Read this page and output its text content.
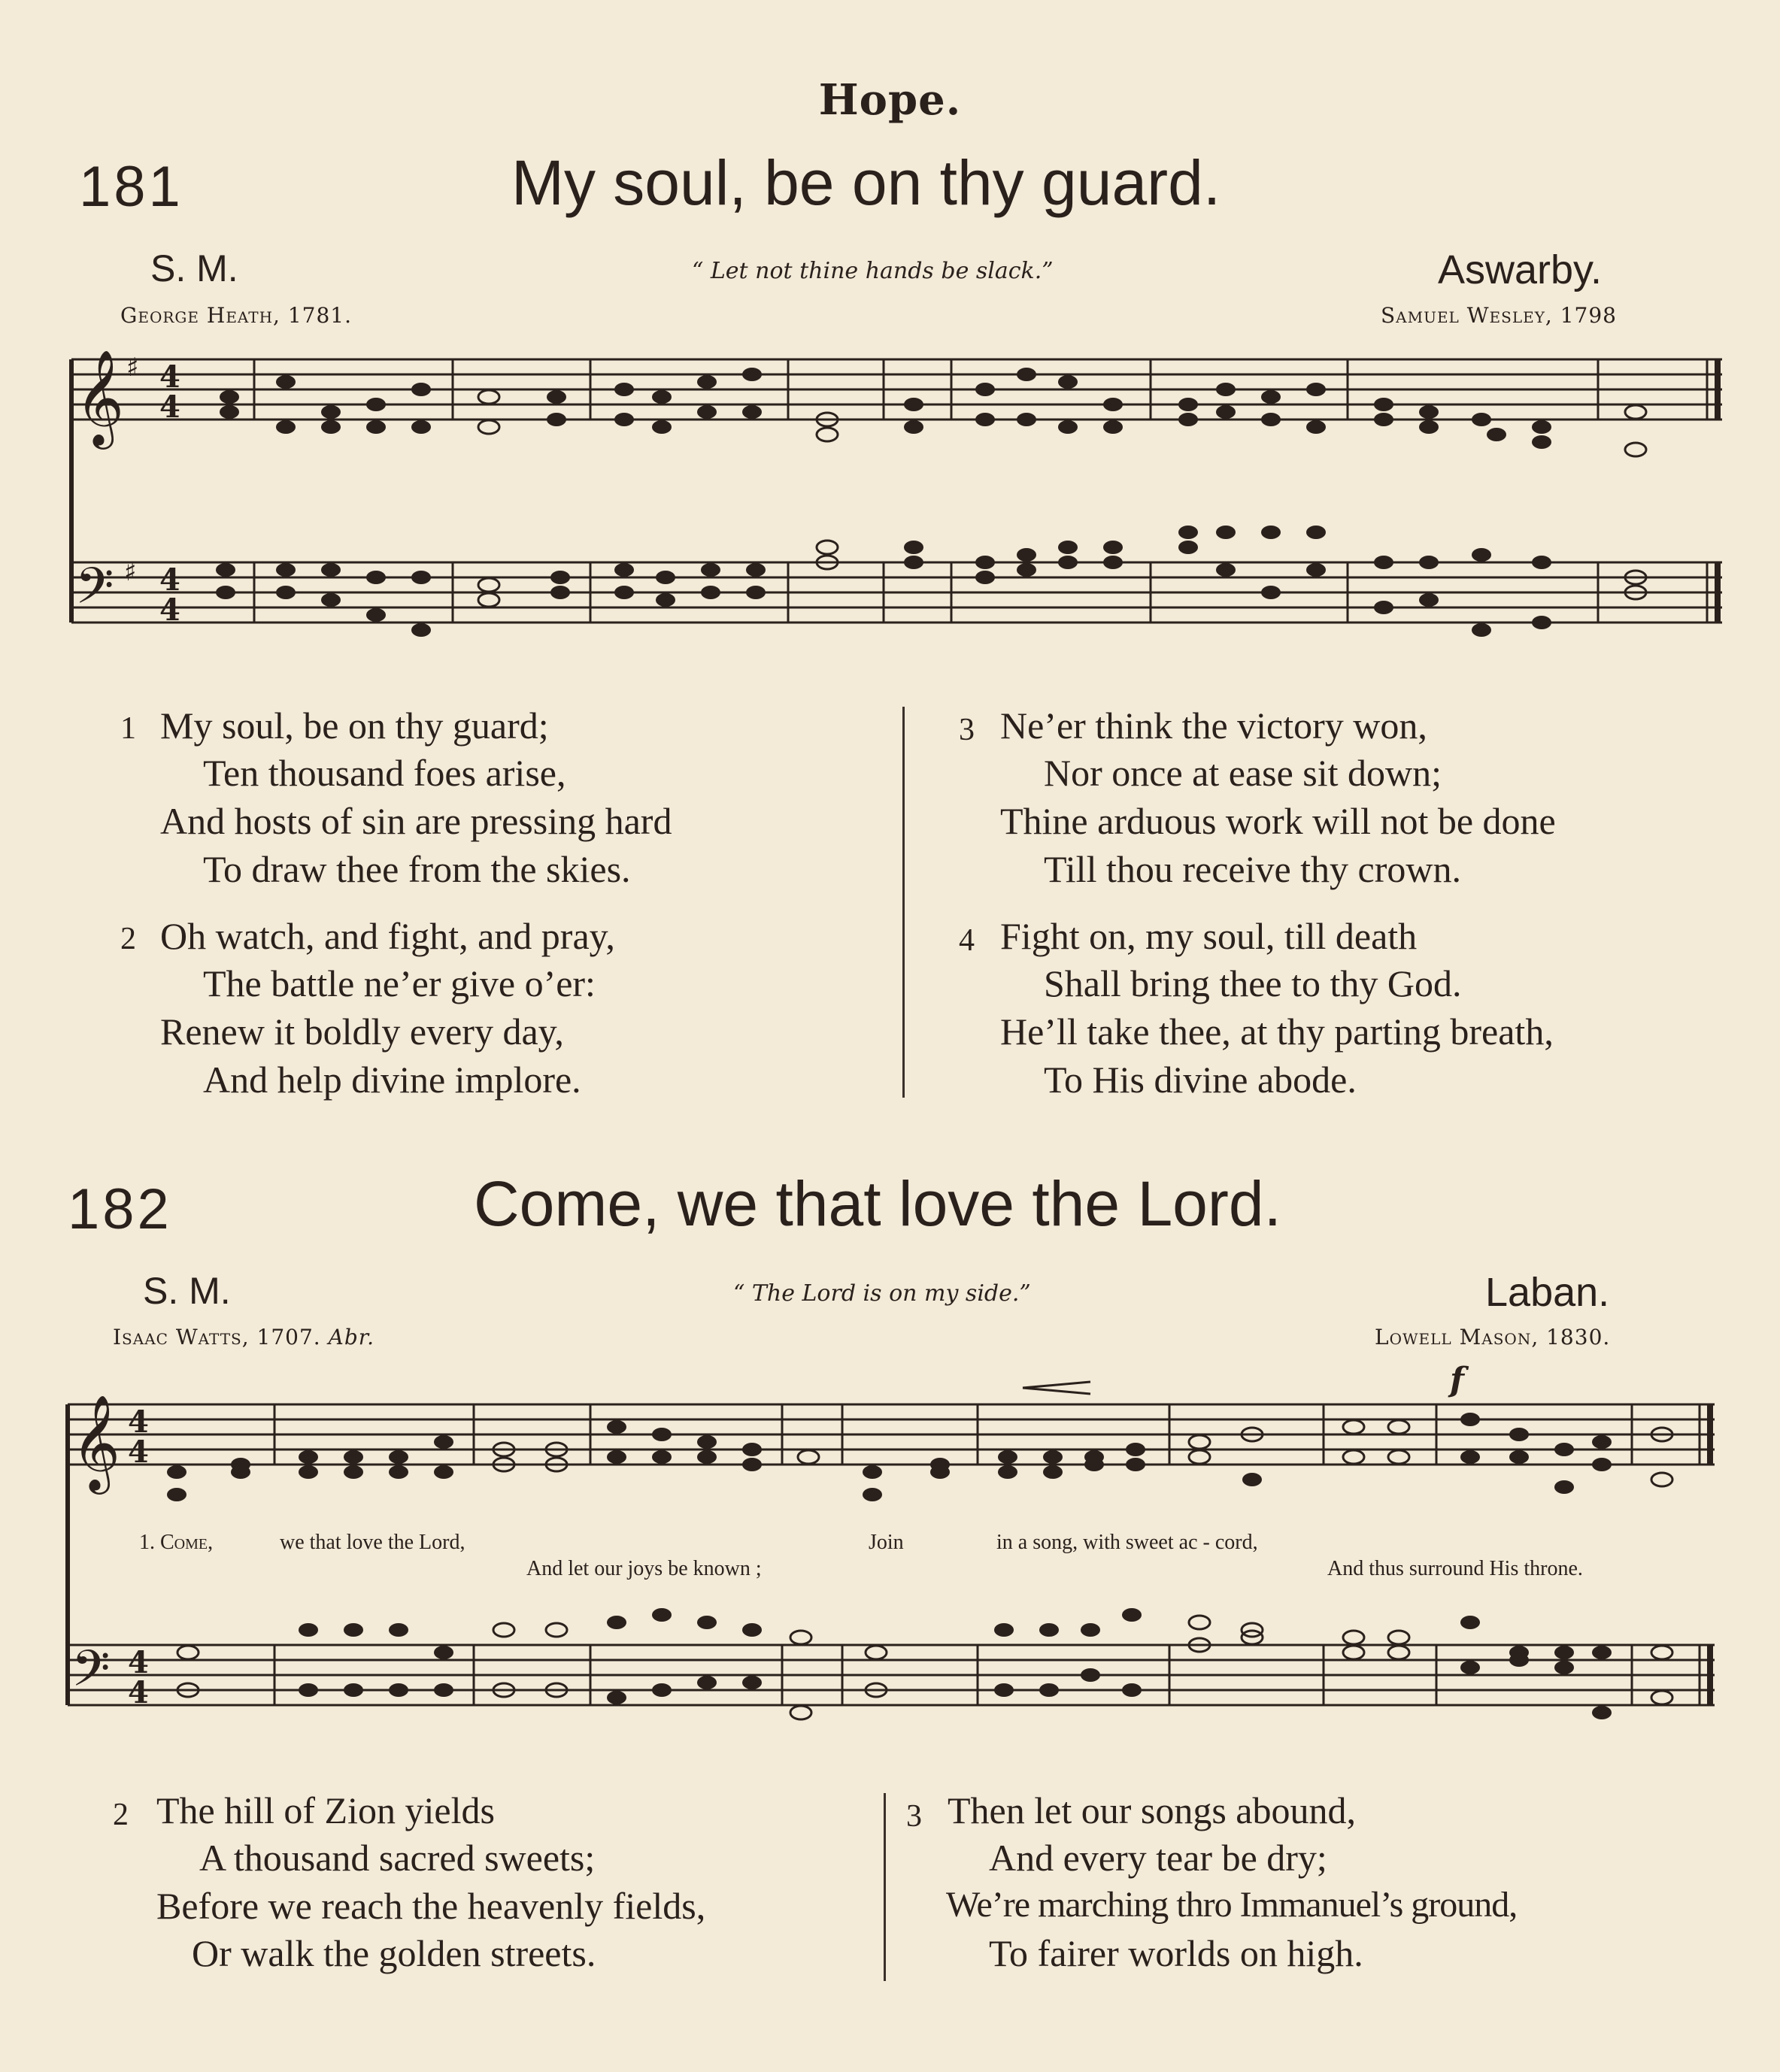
Hope.
181	My soul, be on thy guard.
S. M.	“ Let not thine hands be slack.”	Aswarby.
George Heath, 1781.	Samuel Wesley, 1798
𝄞
𝄢
4
4
4
4
♯
♯
1 My soul, be on thy guard;
Ten thousand foes arise,
And hosts of sin are pressing hard
To draw thee from the skies.
2 Oh watch, and fight, and pray,
The battle ne’er give o’er:
Renew it boldly every day,
And help divine implore.
3 Ne’er think the victory won,
Nor once at ease sit down;
Thine arduous work will not be done
Till thou receive thy crown.
4 Fight on, my soul, till death
Shall bring thee to thy God.
He’ll take thee, at thy parting breath,
To His divine abode.
182	Come, we that love the Lord.
S. M.	“ The Lord is on my side.”	Laban.
Isaac Watts, 1707. Abr.	Lowell Mason, 1830.
𝄞
𝄢
4
4
4
4
f
1. Come,	we that love the Lord,	Join	in a song, with sweet ac - cord,
And let our joys be known ;	And thus surround His throne.
2 The hill of Zion yields
A thousand sacred sweets;
Before we reach the heavenly fields,
Or walk the golden streets.
3 Then let our songs abound,
And every tear be dry;
We’re marching thro Immanuel’s ground,
To fairer worlds on high.
